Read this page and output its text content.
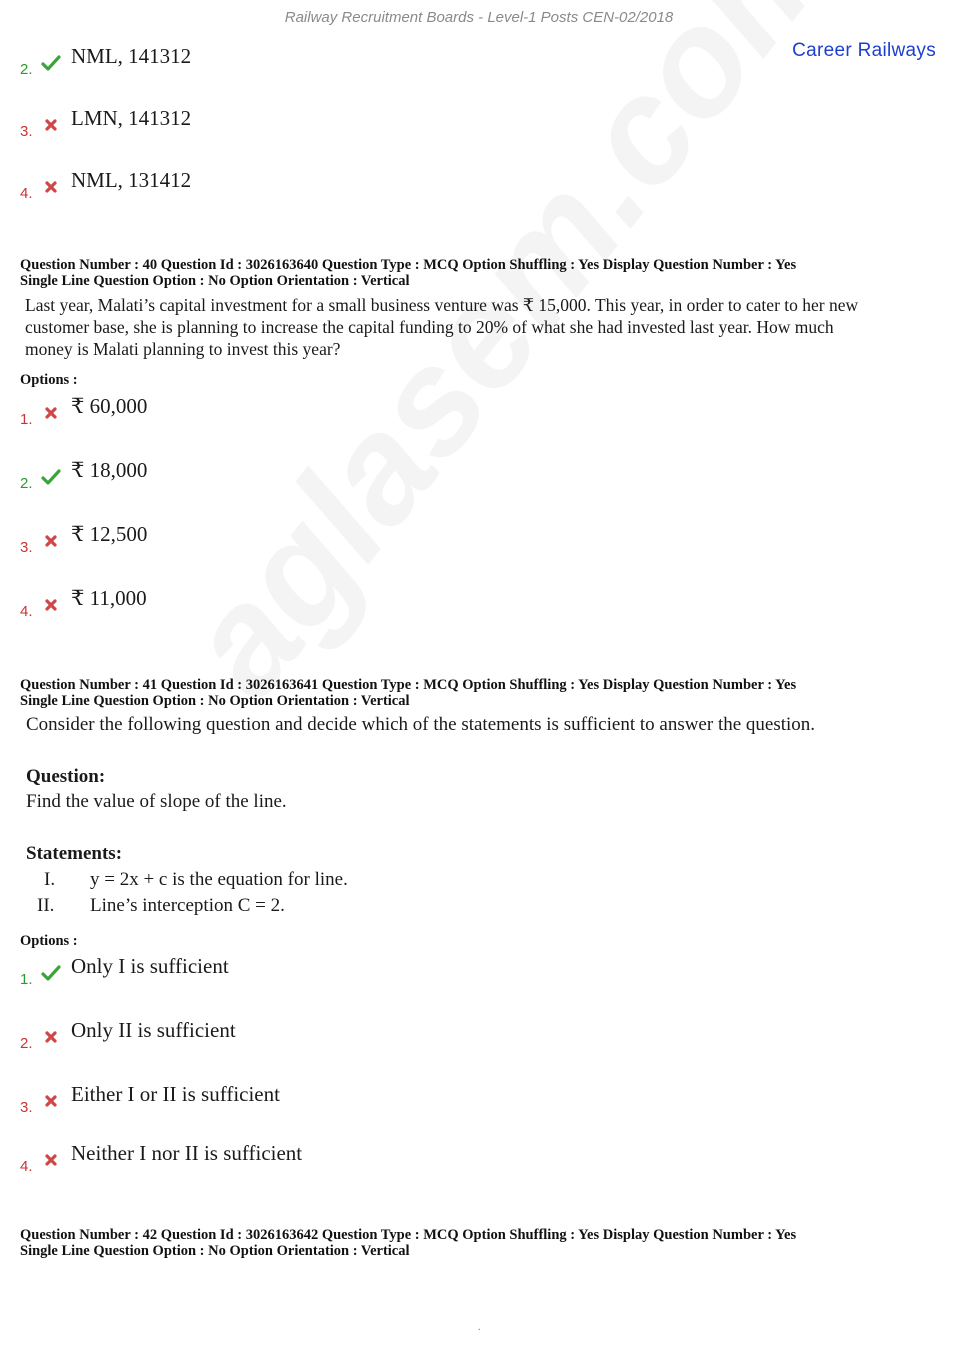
Railway Recruitment Boards - Level-1 Posts CEN-02/2018
Career Railways
2.
NML, 141312
3.
LMN, 141312
4.
NML, 131412
Question Number : 40 Question Id : 3026163640 Question Type : MCQ Option Shuffling : Yes Display Question Number : Yes
Single Line Question Option : No Option Orientation : Vertical
Last year, Malati’s capital investment for a small business venture was ₹ 15,000. This year, in order to cater to her new
customer base, she is planning to increase the capital funding to 20% of what she had invested last year. How much
money is Malati planning to invest this year?
Options :
1.
₹ 60,000
2.
₹ 18,000
3.
₹ 12,500
4.
₹ 11,000
Question Number : 41 Question Id : 3026163641 Question Type : MCQ Option Shuffling : Yes Display Question Number : Yes
Single Line Question Option : No Option Orientation : Vertical
Consider the following question and decide which of the statements is sufficient to answer the question.
Question:
Find the value of slope of the line.
Statements:
I. y = 2x + c is the equation for line.
II. Line’s interception C = 2.
Options :
1.
Only I is sufficient
2.
Only II is sufficient
3.
Either I or II is sufficient
4.
Neither I nor II is sufficient
Question Number : 42 Question Id : 3026163642 Question Type : MCQ Option Shuffling : Yes Display Question Number : Yes
Single Line Question Option : No Option Orientation : Vertical
.
